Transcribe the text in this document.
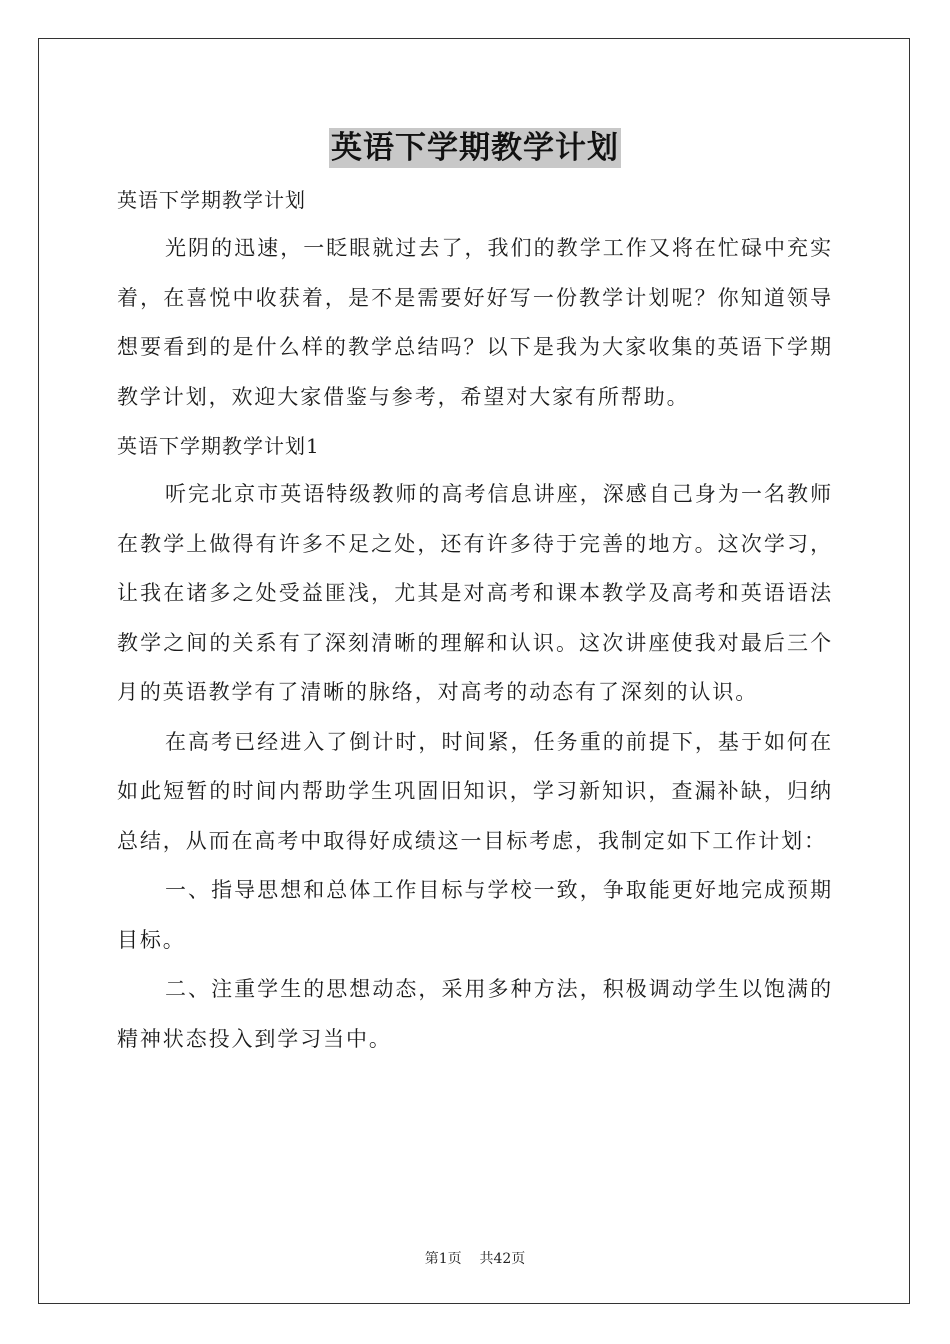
英语下学期教学计划

英语下学期教学计划

光阴的迅速，一眨眼就过去了，我们的教学工作又将在忙碌中充实着，在喜悦中收获着，是不是需要好好写一份教学计划呢？你知道领导想要看到的是什么样的教学总结吗？以下是我为大家收集的英语下学期教学计划，欢迎大家借鉴与参考，希望对大家有所帮助。

英语下学期教学计划1

听完北京市英语特级教师的高考信息讲座，深感自己身为一名教师在教学上做得有许多不足之处，还有许多待于完善的地方。这次学习，让我在诸多之处受益匪浅，尤其是对高考和课本教学及高考和英语语法教学之间的关系有了深刻清晰的理解和认识。这次讲座使我对最后三个月的英语教学有了清晰的脉络，对高考的动态有了深刻的认识。

在高考已经进入了倒计时，时间紧，任务重的前提下，基于如何在如此短暂的时间内帮助学生巩固旧知识，学习新知识，查漏补缺，归纳总结，从而在高考中取得好成绩这一目标考虑，我制定如下工作计划：

一、指导思想和总体工作目标与学校一致，争取能更好地完成预期目标。

二、注重学生的思想动态，采用多种方法，积极调动学生以饱满的精神状态投入到学习当中。

第1页 共42页
